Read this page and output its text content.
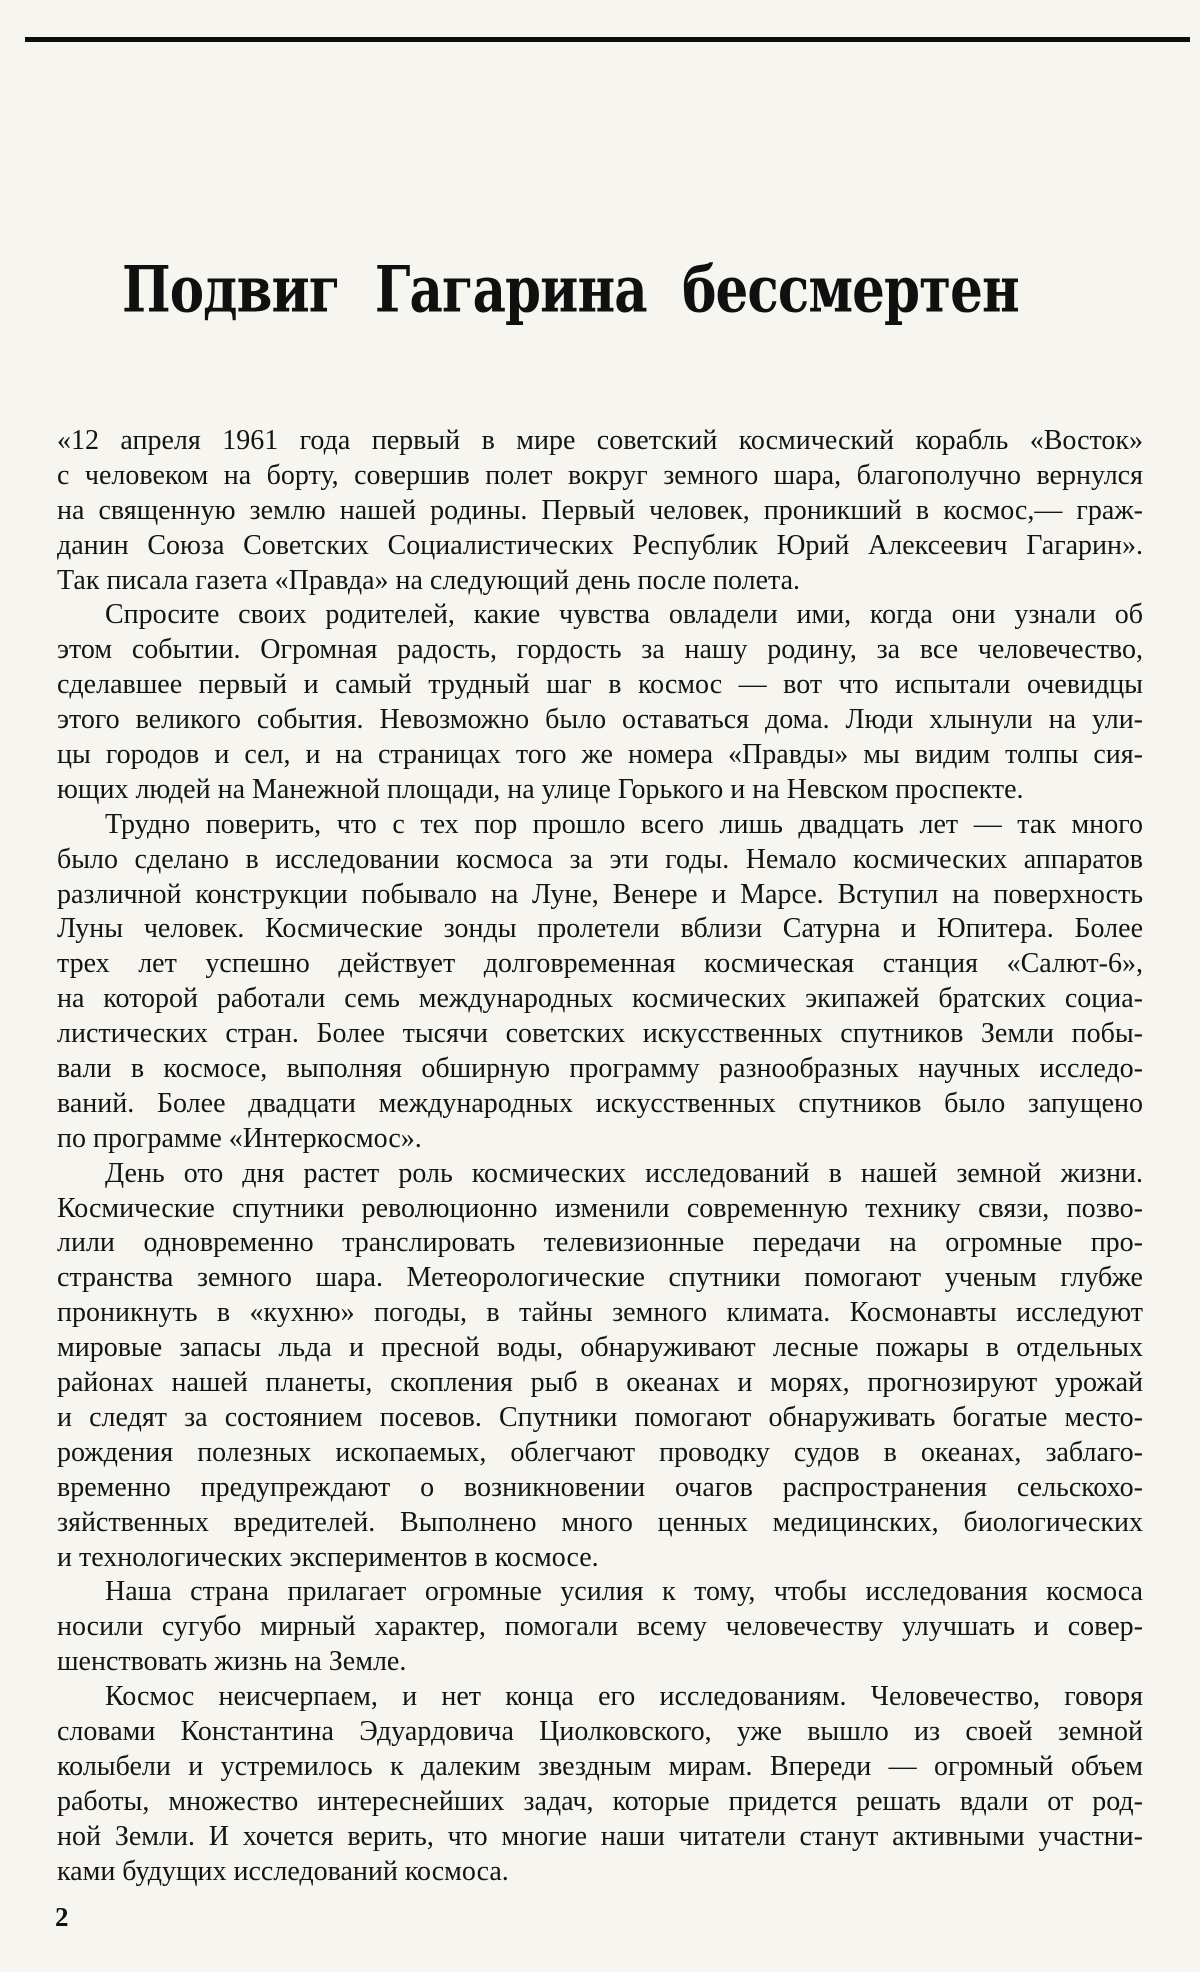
Подвиг Гагарина бессмертен
«12 апреля 1961 года первый в мире советский космический корабль «Восток»
с человеком на борту, совершив полет вокруг земного шара, благополучно вернулся
на священную землю нашей родины. Первый человек, проникший в космос,— граж-
данин Союза Советских Социалистических Республик Юрий Алексеевич Гагарин».
Так писала газета «Правда» на следующий день после полета.
Спросите своих родителей, какие чувства овладели ими, когда они узнали об
этом событии. Огромная радость, гордость за нашу родину, за все человечество,
сделавшее первый и самый трудный шаг в космос — вот что испытали очевидцы
этого великого события. Невозможно было оставаться дома. Люди хлынули на ули-
цы городов и сел, и на страницах того же номера «Правды» мы видим толпы сия-
ющих людей на Манежной площади, на улице Горького и на Невском проспекте.
Трудно поверить, что с тех пор прошло всего лишь двадцать лет — так много
было сделано в исследовании космоса за эти годы. Немало космических аппаратов
различной конструкции побывало на Луне, Венере и Марсе. Вступил на поверхность
Луны человек. Космические зонды пролетели вблизи Сатурна и Юпитера. Более
трех лет успешно действует долговременная космическая станция «Салют-6»,
на которой работали семь международных космических экипажей братских социа-
листических стран. Более тысячи советских искусственных спутников Земли побы-
вали в космосе, выполняя обширную программу разнообразных научных исследо-
ваний. Более двадцати международных искусственных спутников было запущено
по программе «Интеркосмос».
День ото дня растет роль космических исследований в нашей земной жизни.
Космические спутники революционно изменили современную технику связи, позво-
лили одновременно транслировать телевизионные передачи на огромные про-
странства земного шара. Метеорологические спутники помогают ученым глубже
проникнуть в «кухню» погоды, в тайны земного климата. Космонавты исследуют
мировые запасы льда и пресной воды, обнаруживают лесные пожары в отдельных
районах нашей планеты, скопления рыб в океанах и морях, прогнозируют урожай
и следят за состоянием посевов. Спутники помогают обнаруживать богатые место-
рождения полезных ископаемых, облегчают проводку судов в океанах, заблаго-
временно предупреждают о возникновении очагов распространения сельскохо-
зяйственных вредителей. Выполнено много ценных медицинских, биологических
и технологических экспериментов в космосе.
Наша страна прилагает огромные усилия к тому, чтобы исследования космоса
носили сугубо мирный характер, помогали всему человечеству улучшать и совер-
шенствовать жизнь на Земле.
Космос неисчерпаем, и нет конца его исследованиям. Человечество, говоря
словами Константина Эдуардовича Циолковского, уже вышло из своей земной
колыбели и устремилось к далеким звездным мирам. Впереди — огромный объем
работы, множество интереснейших задач, которые придется решать вдали от род-
ной Земли. И хочется верить, что многие наши читатели станут активными участни-
ками будущих исследований космоса.
2
